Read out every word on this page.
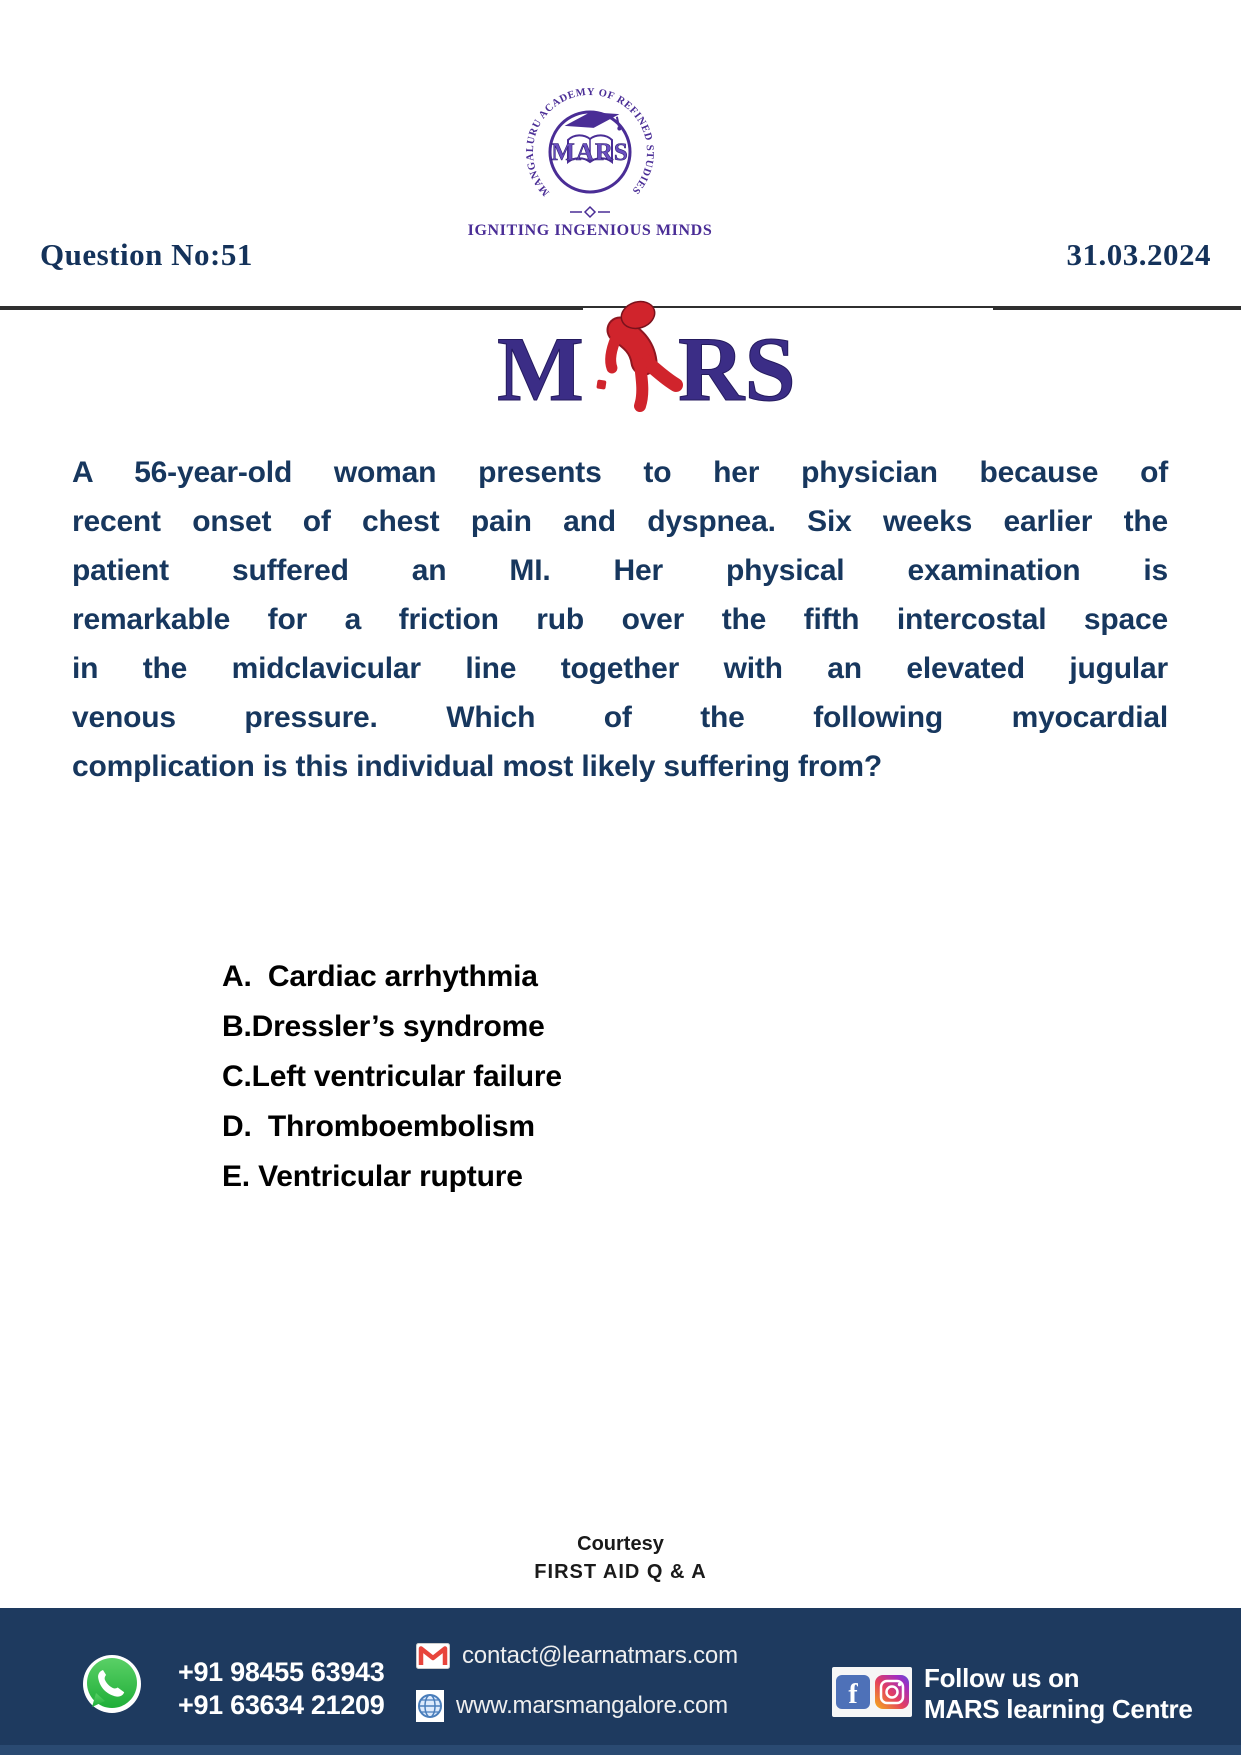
MANGALURU ACADEMY OF REFINED STUDIES
MARS
IGNITING INGENIOUS MINDS
Question No:51	31.03.2024
M RS
A 56-year-old woman presents to her physician because of
recent onset of chest pain and dyspnea. Six weeks earlier the
patient suffered an MI. Her physical examination is
remarkable for a friction rub over the fifth intercostal space
in the midclavicular line together with an elevated jugular
venous pressure. Which of the following myocardial
complication is this individual most likely suffering from?
A.  Cardiac arrhythmia
B.Dressler’s syndrome
C.Left ventricular failure
D.  Thromboembolism
E. Ventricular rupture
Courtesy
FIRST AID Q & A
+91 98455 63943
+91 63634 21209
contact@learnatmars.com
www.marsmangalore.com	f
Follow us on
MARS learning Centre
